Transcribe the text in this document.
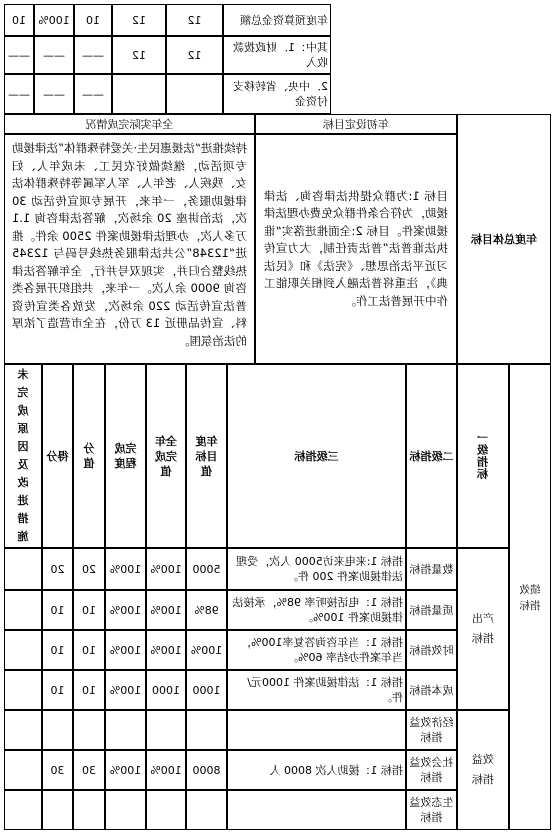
年度预算资金总额
12
12
10
100%
10
其中：1．财政拨款收入
12
12
——
——
——
2．中央、省转移支付资金
——
——
——
年度总体目标
年初设定目标
全年实际完成情况
目标 1:为群众提供法律咨询、法律援助，为符合条件群众免费办理法律援助案件。目标 2:全面推进落实“谁执法谁普法”普法责任制，大力宣传习近平法治思想、《宪法》和《民法典》，注重将普法融入到相关职能工作中开展普法工作。
持续推进“法援惠民生·关爱特殊群体”法律援助专项活动，继续做好农民工、未成年人、妇女、残疾人、老年人、军人军属等特殊群体法律援助服务，一年来，开展专项宣传活动 30 次，法治讲座 20 余场次，解答法律咨询 1.1 万多人次，办理法律援助案件 2500 余件。推进“12348”公共法律服务热线号码与 12345 热线整合归并，实现双号并行，全年解答法律咨询 9000 余人次。一年来，共组织开展各类普法宣传活动 220 余场次，发放各类宣传资料、宣传品册近 13 万份，在全市营造了浓厚的法治氛围。
一级指标
二级指标
三级指标
年度目标值
全年完成值
完成程度
分值
得分
未完成原因及改进措施
绩效指标
产出指标
效益指标
数量指标
指标 1:来电来访5000 人次，受理法律援助案件 200 件。
5000
100%
100%
20
20
质量指标
指标 1：电话接听率 98%，承接法律援助案件 100%。
98%
100%
100%
10
10
时效指标
指标 1：当年咨询答复率100%，当年案件办结率 60%。
100%
100%
100%
10
10
成本指标
指标 1：法律援助案件 1000元/件。
1000
1000
100%
10
10
经济效益指标
社会效益指标
指标 1：援助人次 8000 人
8000
100%
100%
30
30
生态效益指标
